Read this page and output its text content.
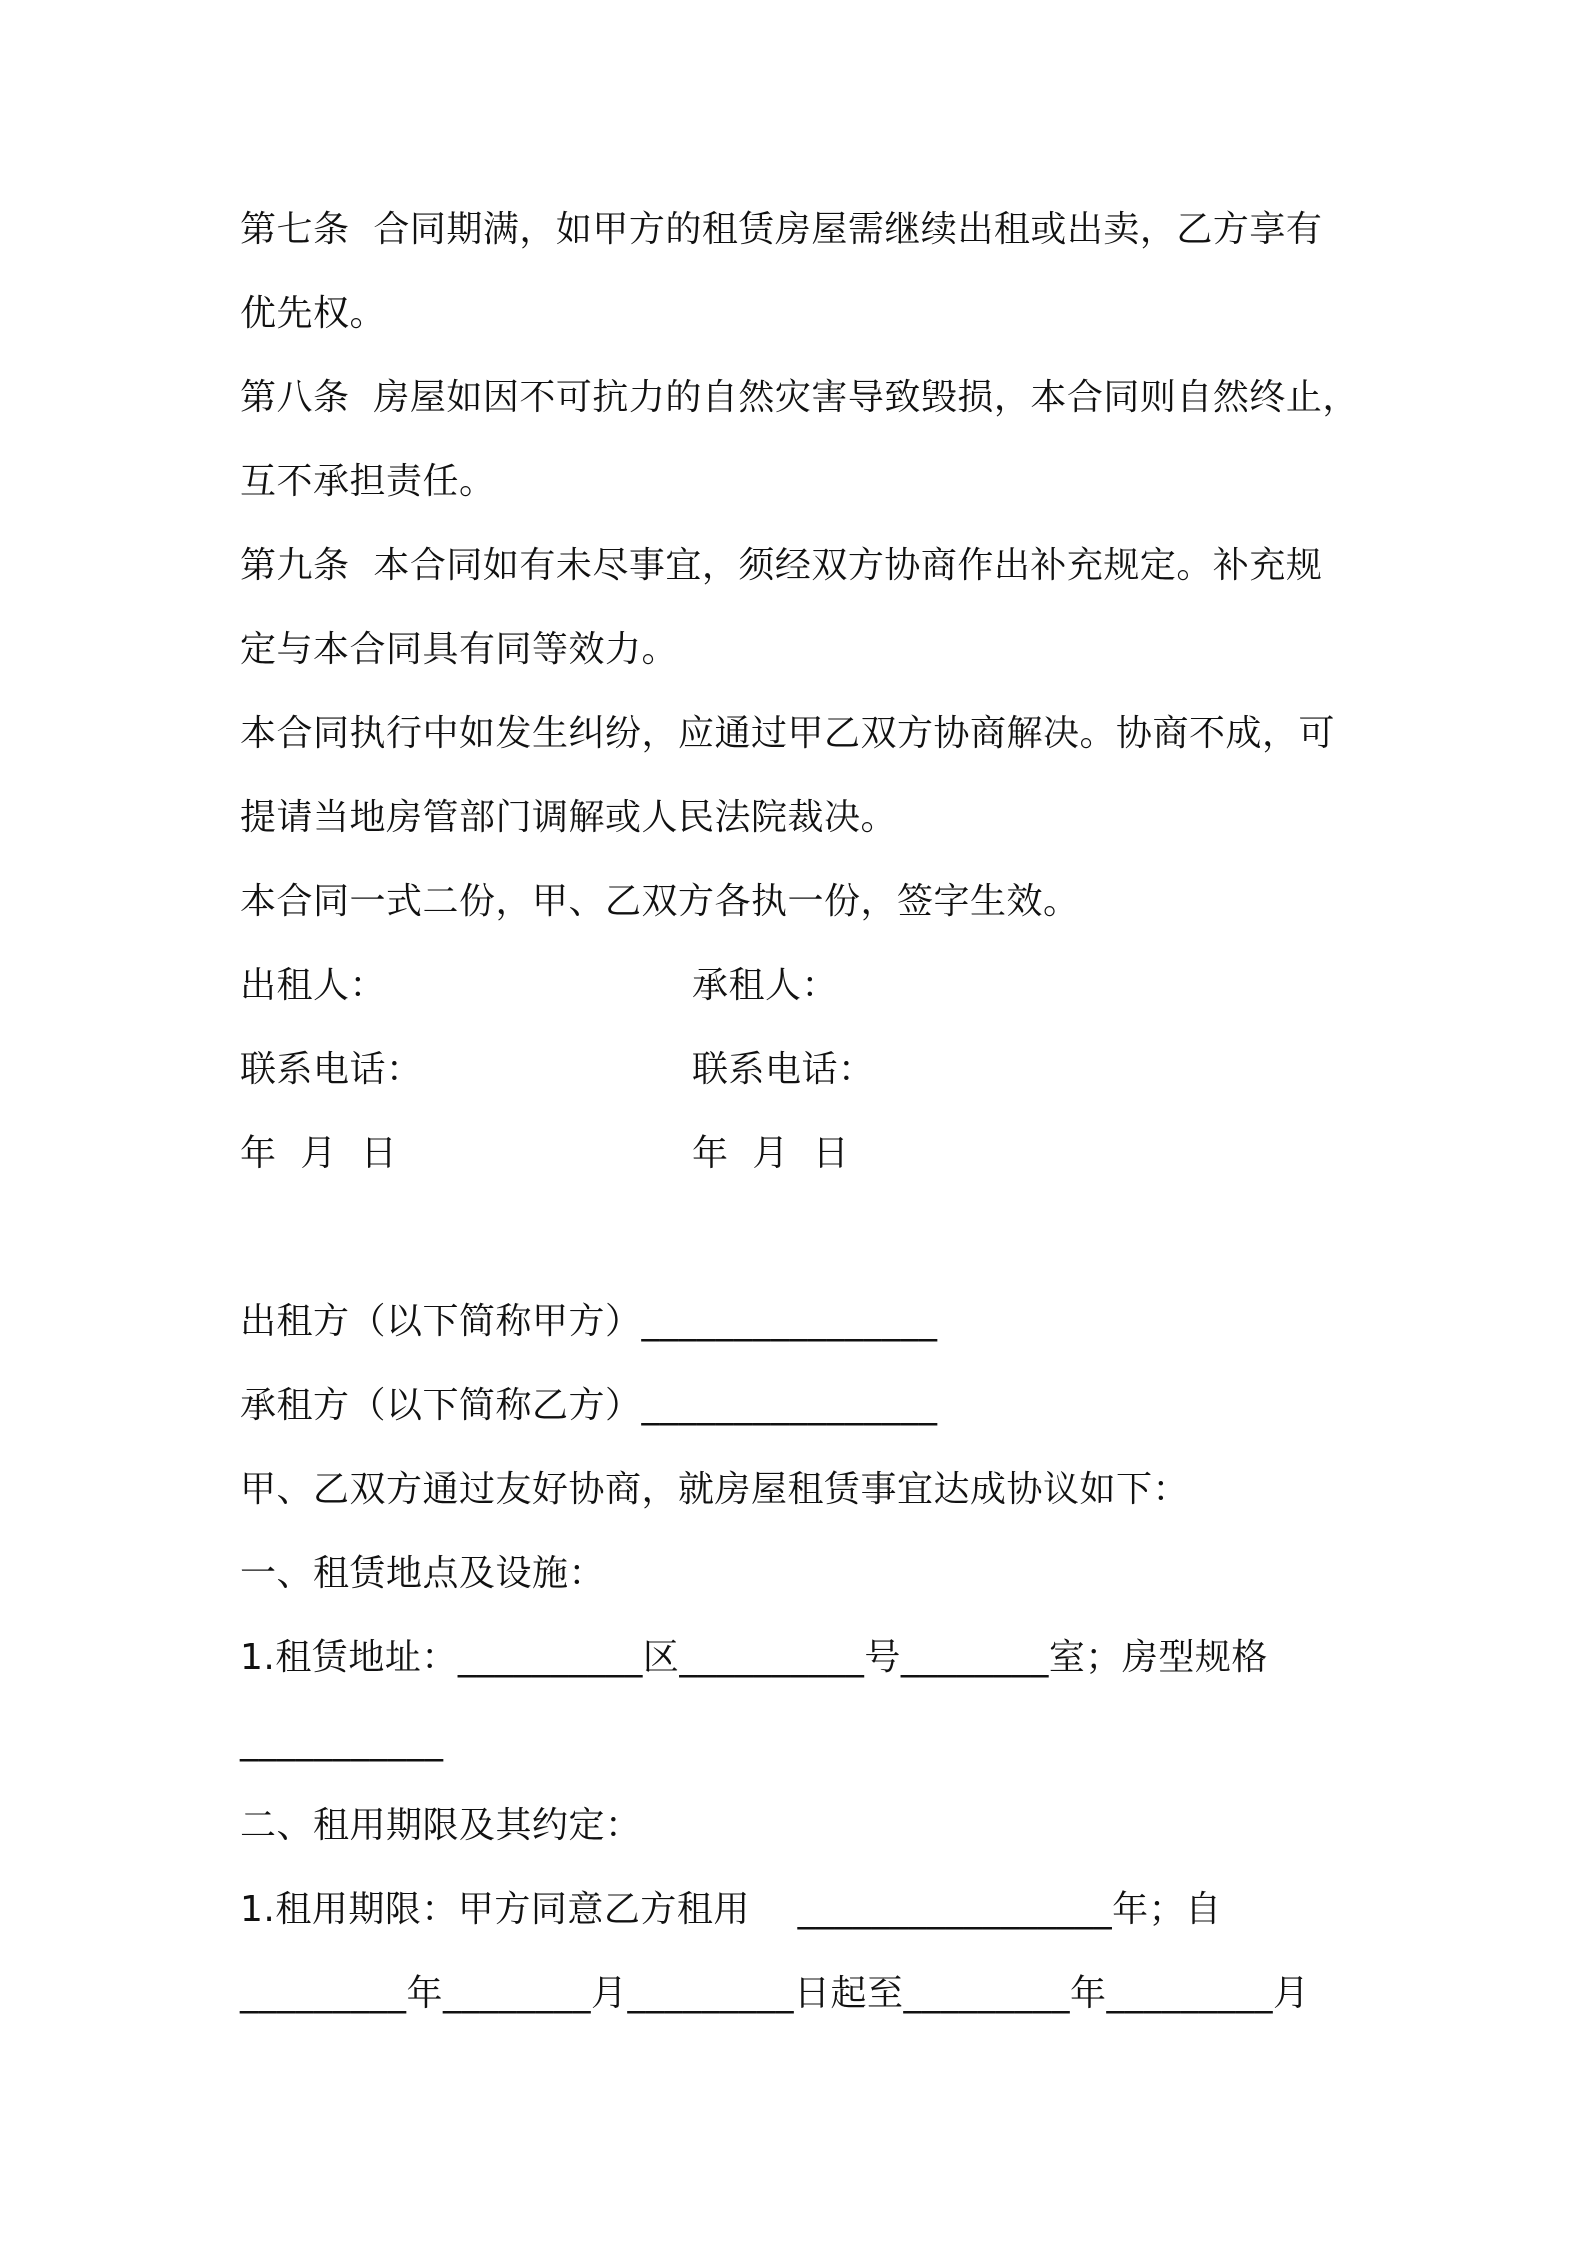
第七条  合同期满，如甲方的租赁房屋需继续出租或出卖，乙方享有
优先权。
第八条  房屋如因不可抗力的自然灾害导致毁损，本合同则自然终止，
互不承担责任。
第九条  本合同如有未尽事宜，须经双方协商作出补充规定。补充规
定与本合同具有同等效力。
本合同执行中如发生纠纷，应通过甲乙双方协商解决。协商不成，可
提请当地房管部门调解或人民法院裁决。
本合同一式二份，甲、乙双方各执一份，签字生效。
出租人：	承租人：
联系电话：	联系电话：
年  月  日	年  月  日
出租方（以下简称甲方）________________
承租方（以下简称乙方）________________
甲、乙双方通过友好协商，就房屋租赁事宜达成协议如下：
一、租赁地点及设施：
1.租赁地址：__________区__________号________室；房型规格
___________
二、租用期限及其约定：
1.租用期限：甲方同意乙方租用    _________________年；自
_________年________月_________日起至_________年_________月
